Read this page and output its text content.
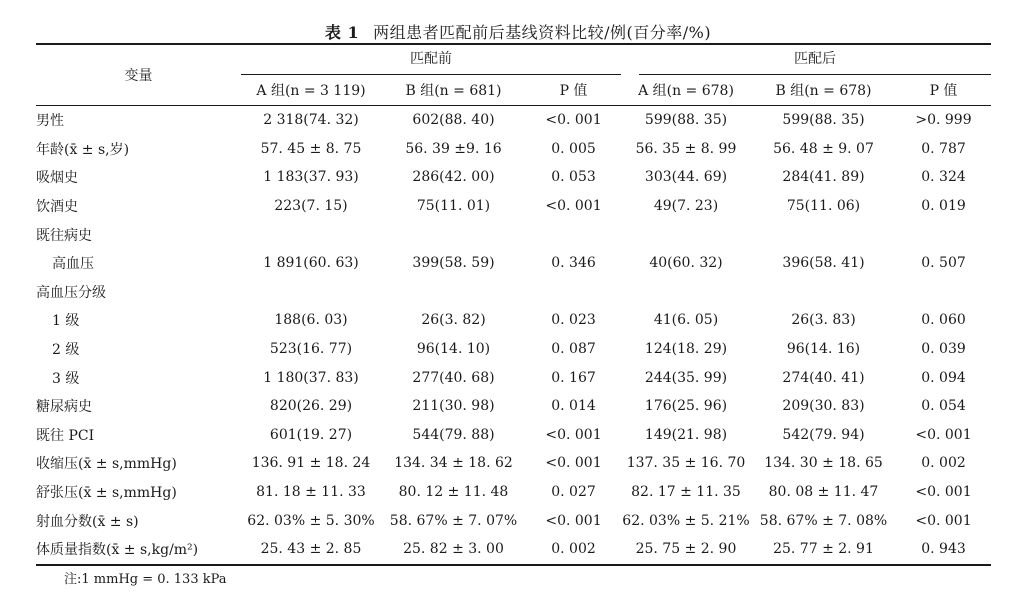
表 1 两组患者匹配前后基线资料比较/例(百分率/%)
变量	匹配前			匹配后		

	A 组(n = 3 119)	B 组(n = 681)	P 值	A 组(n = 678)	B 组(n = 678)	P 值
男性	2 318(74. 32)	602(88. 40)	<0. 001	599(88. 35)	599(88. 35)	>0. 999
年龄(x̄ ± s,岁)	57. 45 ± 8. 75	56. 39 ±9. 16	0. 005	56. 35 ± 8. 99	56. 48 ± 9. 07	0. 787
吸烟史	1 183(37. 93)	286(42. 00)	0. 053	303(44. 69)	284(41. 89)	0. 324
饮酒史	223(7. 15)	75(11. 01)	<0. 001	49(7. 23)	75(11. 06)	0. 019
既往病史						
高血压	1 891(60. 63)	399(58. 59)	0. 346	40(60. 32)	396(58. 41)	0. 507
高血压分级						
1 级	188(6. 03)	26(3. 82)	0. 023	41(6. 05)	26(3. 83)	0. 060
2 级	523(16. 77)	96(14. 10)	0. 087	124(18. 29)	96(14. 16)	0. 039
3 级	1 180(37. 83)	277(40. 68)	0. 167	244(35. 99)	274(40. 41)	0. 094
糖尿病史	820(26. 29)	211(30. 98)	0. 014	176(25. 96)	209(30. 83)	0. 054
既往 PCI	601(19. 27)	544(79. 88)	<0. 001	149(21. 98)	542(79. 94)	<0. 001
收缩压(x̄ ± s,mmHg)	136. 91 ± 18. 24	134. 34 ± 18. 62	<0. 001	137. 35 ± 16. 70	134. 30 ± 18. 65	0. 002
舒张压(x̄ ± s,mmHg)	81. 18 ± 11. 33	80. 12 ± 11. 48	0. 027	82. 17 ± 11. 35	80. 08 ± 11. 47	<0. 001
射血分数(x̄ ± s)	62. 03% ± 5. 30%	58. 67% ± 7. 07%	<0. 001	62. 03% ± 5. 21%	58. 67% ± 7. 08%	<0. 001
体质量指数(x̄ ± s,kg/m²)	25. 43 ± 2. 85	25. 82 ± 3. 00	0. 002	25. 75 ± 2. 90	25. 77 ± 2. 91	0. 943
注:1 mmHg = 0. 133 kPa
